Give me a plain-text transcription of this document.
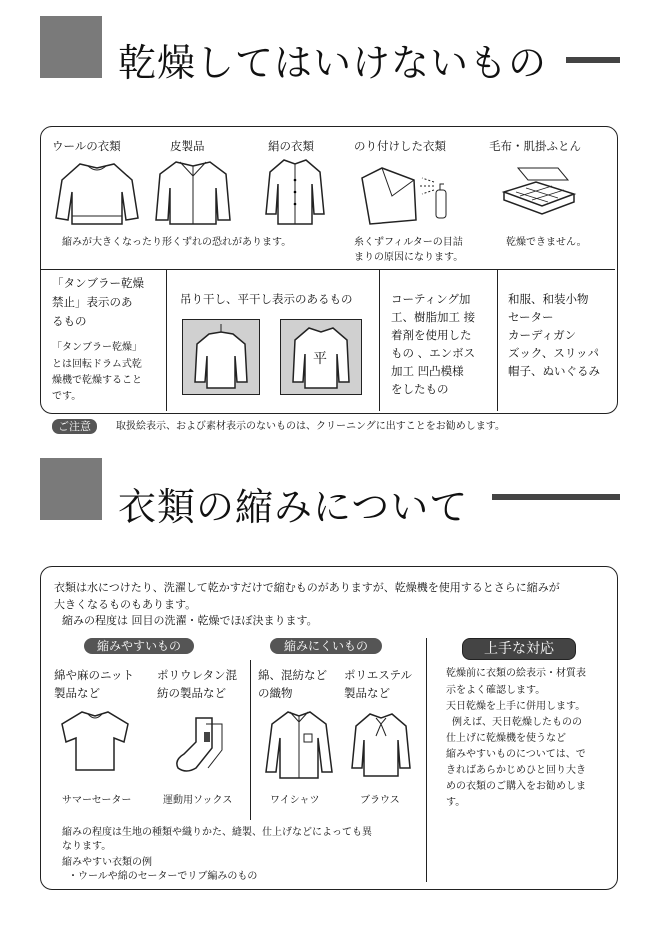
乾燥してはいけないもの
ウールの衣類	皮製品	絹の衣類	のり付けした衣類	毛布・肌掛ふとん
縮みが大きくなったり形くずれの恐れがあります。	糸くずフィルターの目詰
まりの原因になります。
乾燥できません。
「タンブラー乾燥
禁止」表示のあ
るもの
「タンブラー乾燥」
とは回転ドラム式乾
燥機で乾燥すること
です。
吊り干し、平干し表示のあるもの
平
コーティング加
工、樹脂加工 接
着剤を使用した
もの 、エンボス
加工 凹凸模様
をしたもの
和服、和装小物
セーター
カーディガン
ズック、スリッパ
帽子、ぬいぐるみ
ご注意	取扱絵表示、および素材表示のないものは、クリーニングに出すことをお勧めします。
衣類の縮みについて
衣類は水につけたり、洗濯して乾かすだけで縮むものがありますが、乾燥機を使用するとさらに縮みが
大きくなるものもあります。
縮みの程度は 回目の洗濯・乾燥でほぼ決まります。
縮みやすいもの	縮みにくいもの	上手な対応
綿や麻のニット
製品など
ポリウレタン混
紡の製品など
綿、混紡など
の織物
ポリエステル
製品など
サマーセーター	運動用ソックス	ワイシャツ	ブラウス
乾燥前に衣類の絵表示・材質表
示をよく確認します。
天日乾燥を上手に併用します。
例えば、天日乾燥したものの
仕上げに乾燥機を使うなど
縮みやすいものについては、で
きればあらかじめひと回り大き
めの衣類のご購入をお勧めしま
す。
縮みの程度は生地の種類や織りかた、縫製、仕上げなどによっても異
なります。
縮みやすい衣類の例
・ウールや綿のセーターでリブ編みのもの
